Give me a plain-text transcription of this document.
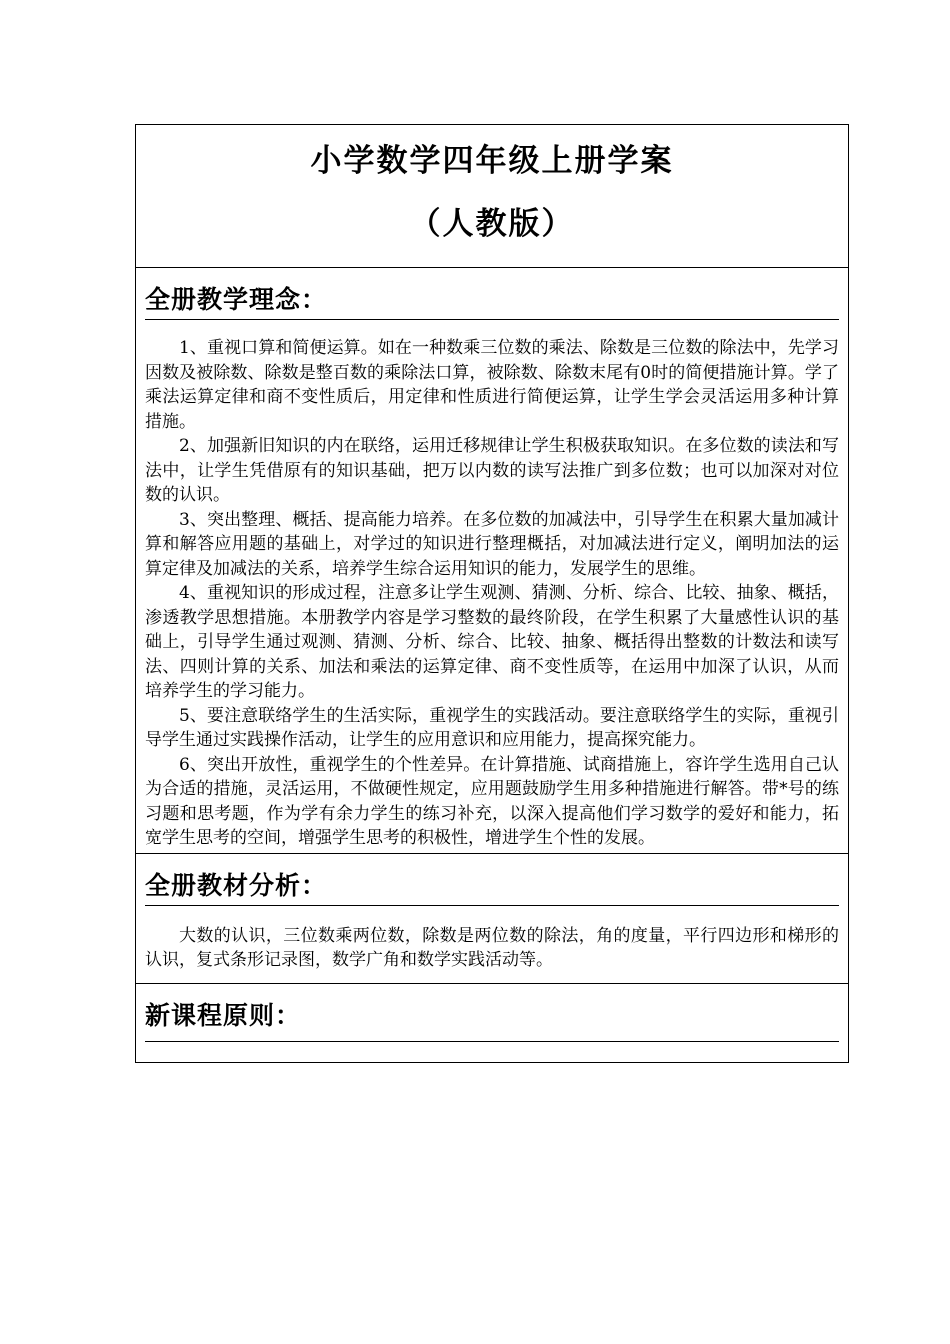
小学数学四年级上册学案
（人教版）
全册教学理念：

1、重视口算和简便运算。如在一种数乘三位数的乘法、除数是三位数的除法中，先学习因数及被除数、除数是整百数的乘除法口算，被除数、除数末尾有0时的简便措施计算。学了乘法运算定律和商不变性质后，用定律和性质进行简便运算，让学生学会灵活运用多种计算措施。

2、加强新旧知识的内在联络，运用迁移规律让学生积极获取知识。在多位数的读法和写法中，让学生凭借原有的知识基础，把万以内数的读写法推广到多位数；也可以加深对对位数的认识。

3、突出整理、概括、提高能力培养。在多位数的加减法中，引导学生在积累大量加减计算和解答应用题的基础上，对学过的知识进行整理概括，对加减法进行定义，阐明加法的运算定律及加减法的关系，培养学生综合运用知识的能力，发展学生的思维。

4、重视知识的形成过程，注意多让学生观测、猜测、分析、综合、比较、抽象、概括，渗透教学思想措施。本册教学内容是学习整数的最终阶段，在学生积累了大量感性认识的基础上，引导学生通过观测、猜测、分析、综合、比较、抽象、概括得出整数的计数法和读写法、四则计算的关系、加法和乘法的运算定律、商不变性质等，在运用中加深了认识，从而培养学生的学习能力。

5、要注意联络学生的生活实际，重视学生的实践活动。要注意联络学生的实际，重视引导学生通过实践操作活动，让学生的应用意识和应用能力，提高探究能力。

6、突出开放性，重视学生的个性差异。在计算措施、试商措施上，容许学生选用自己认为合适的措施，灵活运用，不做硬性规定，应用题鼓励学生用多种措施进行解答。带*号的练习题和思考题，作为学有余力学生的练习补充，以深入提高他们学习数学的爱好和能力，拓宽学生思考的空间，增强学生思考的积极性，增进学生个性的发展。

全册教材分析：

大数的认识，三位数乘两位数，除数是两位数的除法，角的度量，平行四边形和梯形的认识，复式条形记录图，数学广角和数学实践活动等。

新课程原则：
